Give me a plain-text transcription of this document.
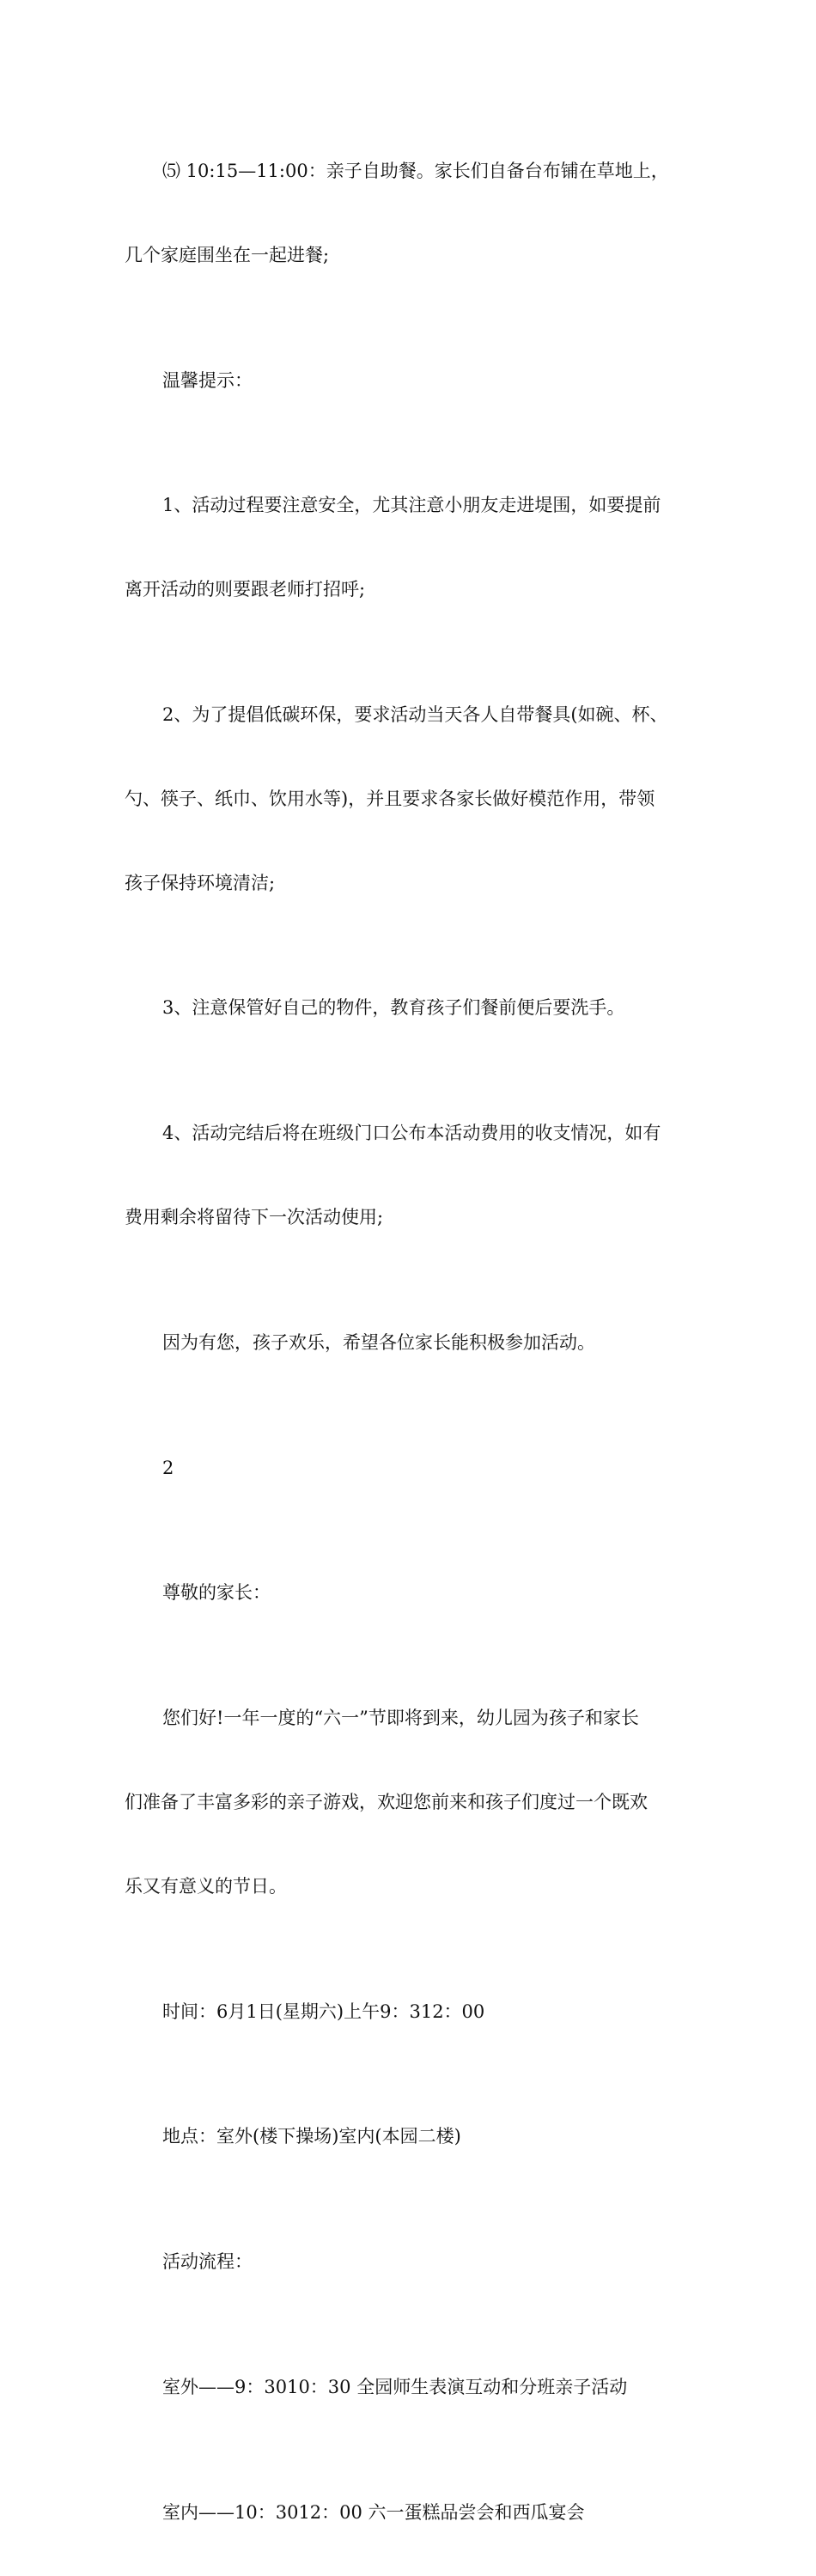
⑸ 10:15—11:00：亲子自助餐。家长们自备台布铺在草地上，

几个家庭围坐在一起进餐;

温馨提示：

1、活动过程要注意安全，尤其注意小朋友走进堤围，如要提前

离开活动的则要跟老师打招呼;

2、为了提倡低碳环保，要求活动当天各人自带餐具(如碗、杯、

勺、筷子、纸巾、饮用水等)，并且要求各家长做好模范作用，带领

孩子保持环境清洁;

3、注意保管好自己的物件，教育孩子们餐前便后要洗手。

4、活动完结后将在班级门口公布本活动费用的收支情况，如有

费用剩余将留待下一次活动使用;

因为有您，孩子欢乐，希望各位家长能积极参加活动。

2

尊敬的家长：

您们好!一年一度的“六一”节即将到来，幼儿园为孩子和家长

们准备了丰富多彩的亲子游戏，欢迎您前来和孩子们度过一个既欢

乐又有意义的节日。

时间：6月1日(星期六)上午9：312：00

地点：室外(楼下操场)室内(本园二楼)

活动流程：

室外——9：3010：30 全园师生表演互动和分班亲子活动

室内——10：3012：00 六一蛋糕品尝会和西瓜宴会
